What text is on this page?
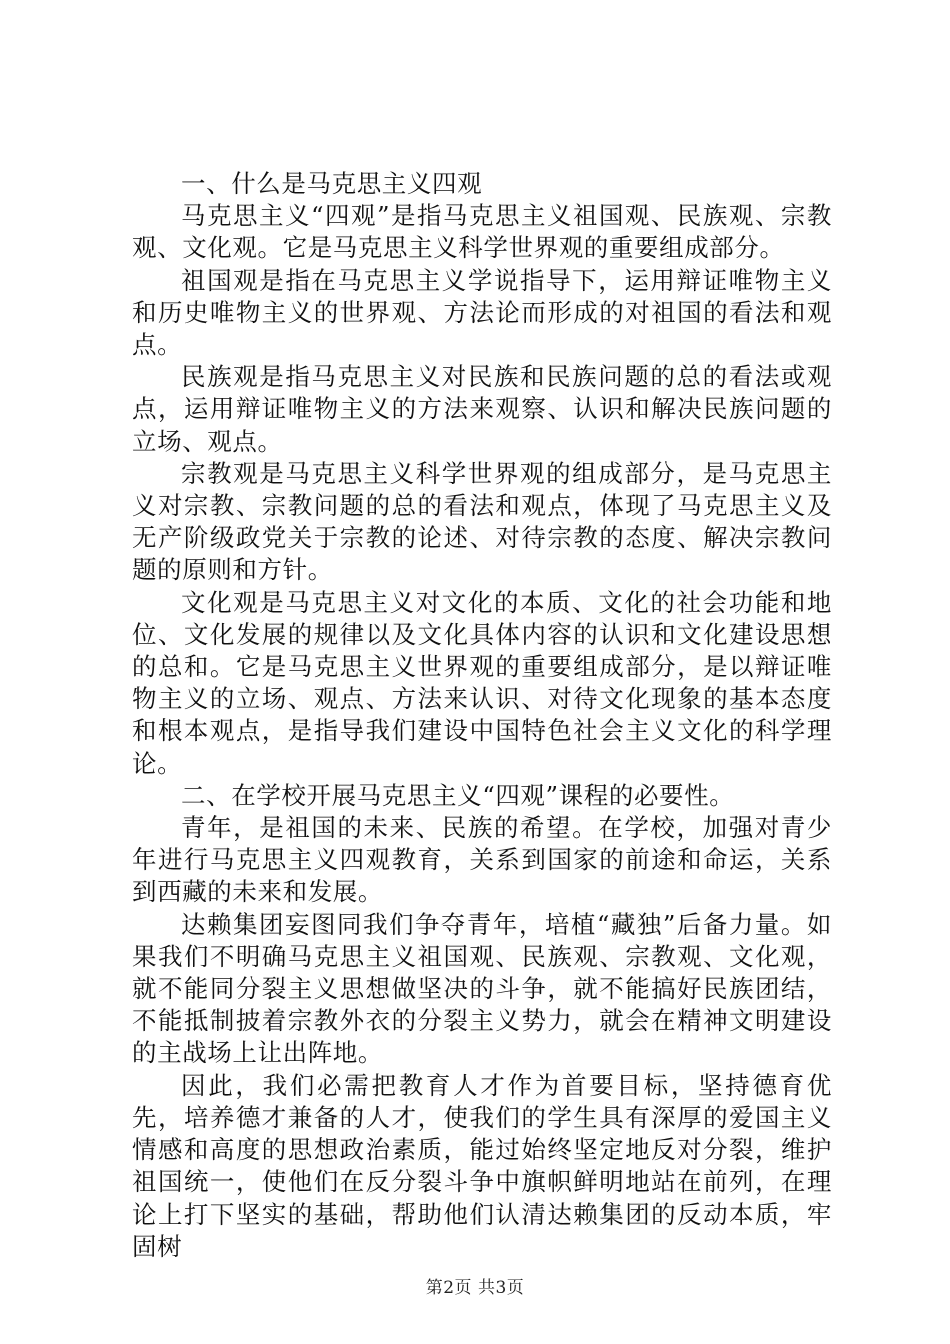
一、什么是马克思主义四观

马克思主义“四观”是指马克思主义祖国观、民族观、宗教观、文化观。它是马克思主义科学世界观的重要组成部分。

祖国观是指在马克思主义学说指导下，运用辩证唯物主义和历史唯物主义的世界观、方法论而形成的对祖国的看法和观点。

民族观是指马克思主义对民族和民族问题的总的看法或观点，运用辩证唯物主义的方法来观察、认识和解决民族问题的立场、观点。

宗教观是马克思主义科学世界观的组成部分，是马克思主义对宗教、宗教问题的总的看法和观点，体现了马克思主义及无产阶级政党关于宗教的论述、对待宗教的态度、解决宗教问题的原则和方针。

文化观是马克思主义对文化的本质、文化的社会功能和地位、文化发展的规律以及文化具体内容的认识和文化建设思想的总和。它是马克思主义世界观的重要组成部分，是以辩证唯物主义的立场、观点、方法来认识、对待文化现象的基本态度和根本观点，是指导我们建设中国特色社会主义文化的科学理论。

二、在学校开展马克思主义“四观”课程的必要性。

青年，是祖国的未来、民族的希望。在学校，加强对青少年进行马克思主义四观教育，关系到国家的前途和命运，关系到西藏的未来和发展。

达赖集团妄图同我们争夺青年，培植“藏独”后备力量。如果我们不明确马克思主义祖国观、民族观、宗教观、文化观，就不能同分裂主义思想做坚决的斗争，就不能搞好民族团结，不能抵制披着宗教外衣的分裂主义势力，就会在精神文明建设的主战场上让出阵地。

因此，我们必需把教育人才作为首要目标，坚持德育优先，培养德才兼备的人才，使我们的学生具有深厚的爱国主义情感和高度的思想政治素质，能过始终坚定地反对分裂，维护祖国统一，使他们在反分裂斗争中旗帜鲜明地站在前列，在理论上打下坚实的基础，帮助他们认清达赖集团的反动本质，牢固树

第2页 共3页
